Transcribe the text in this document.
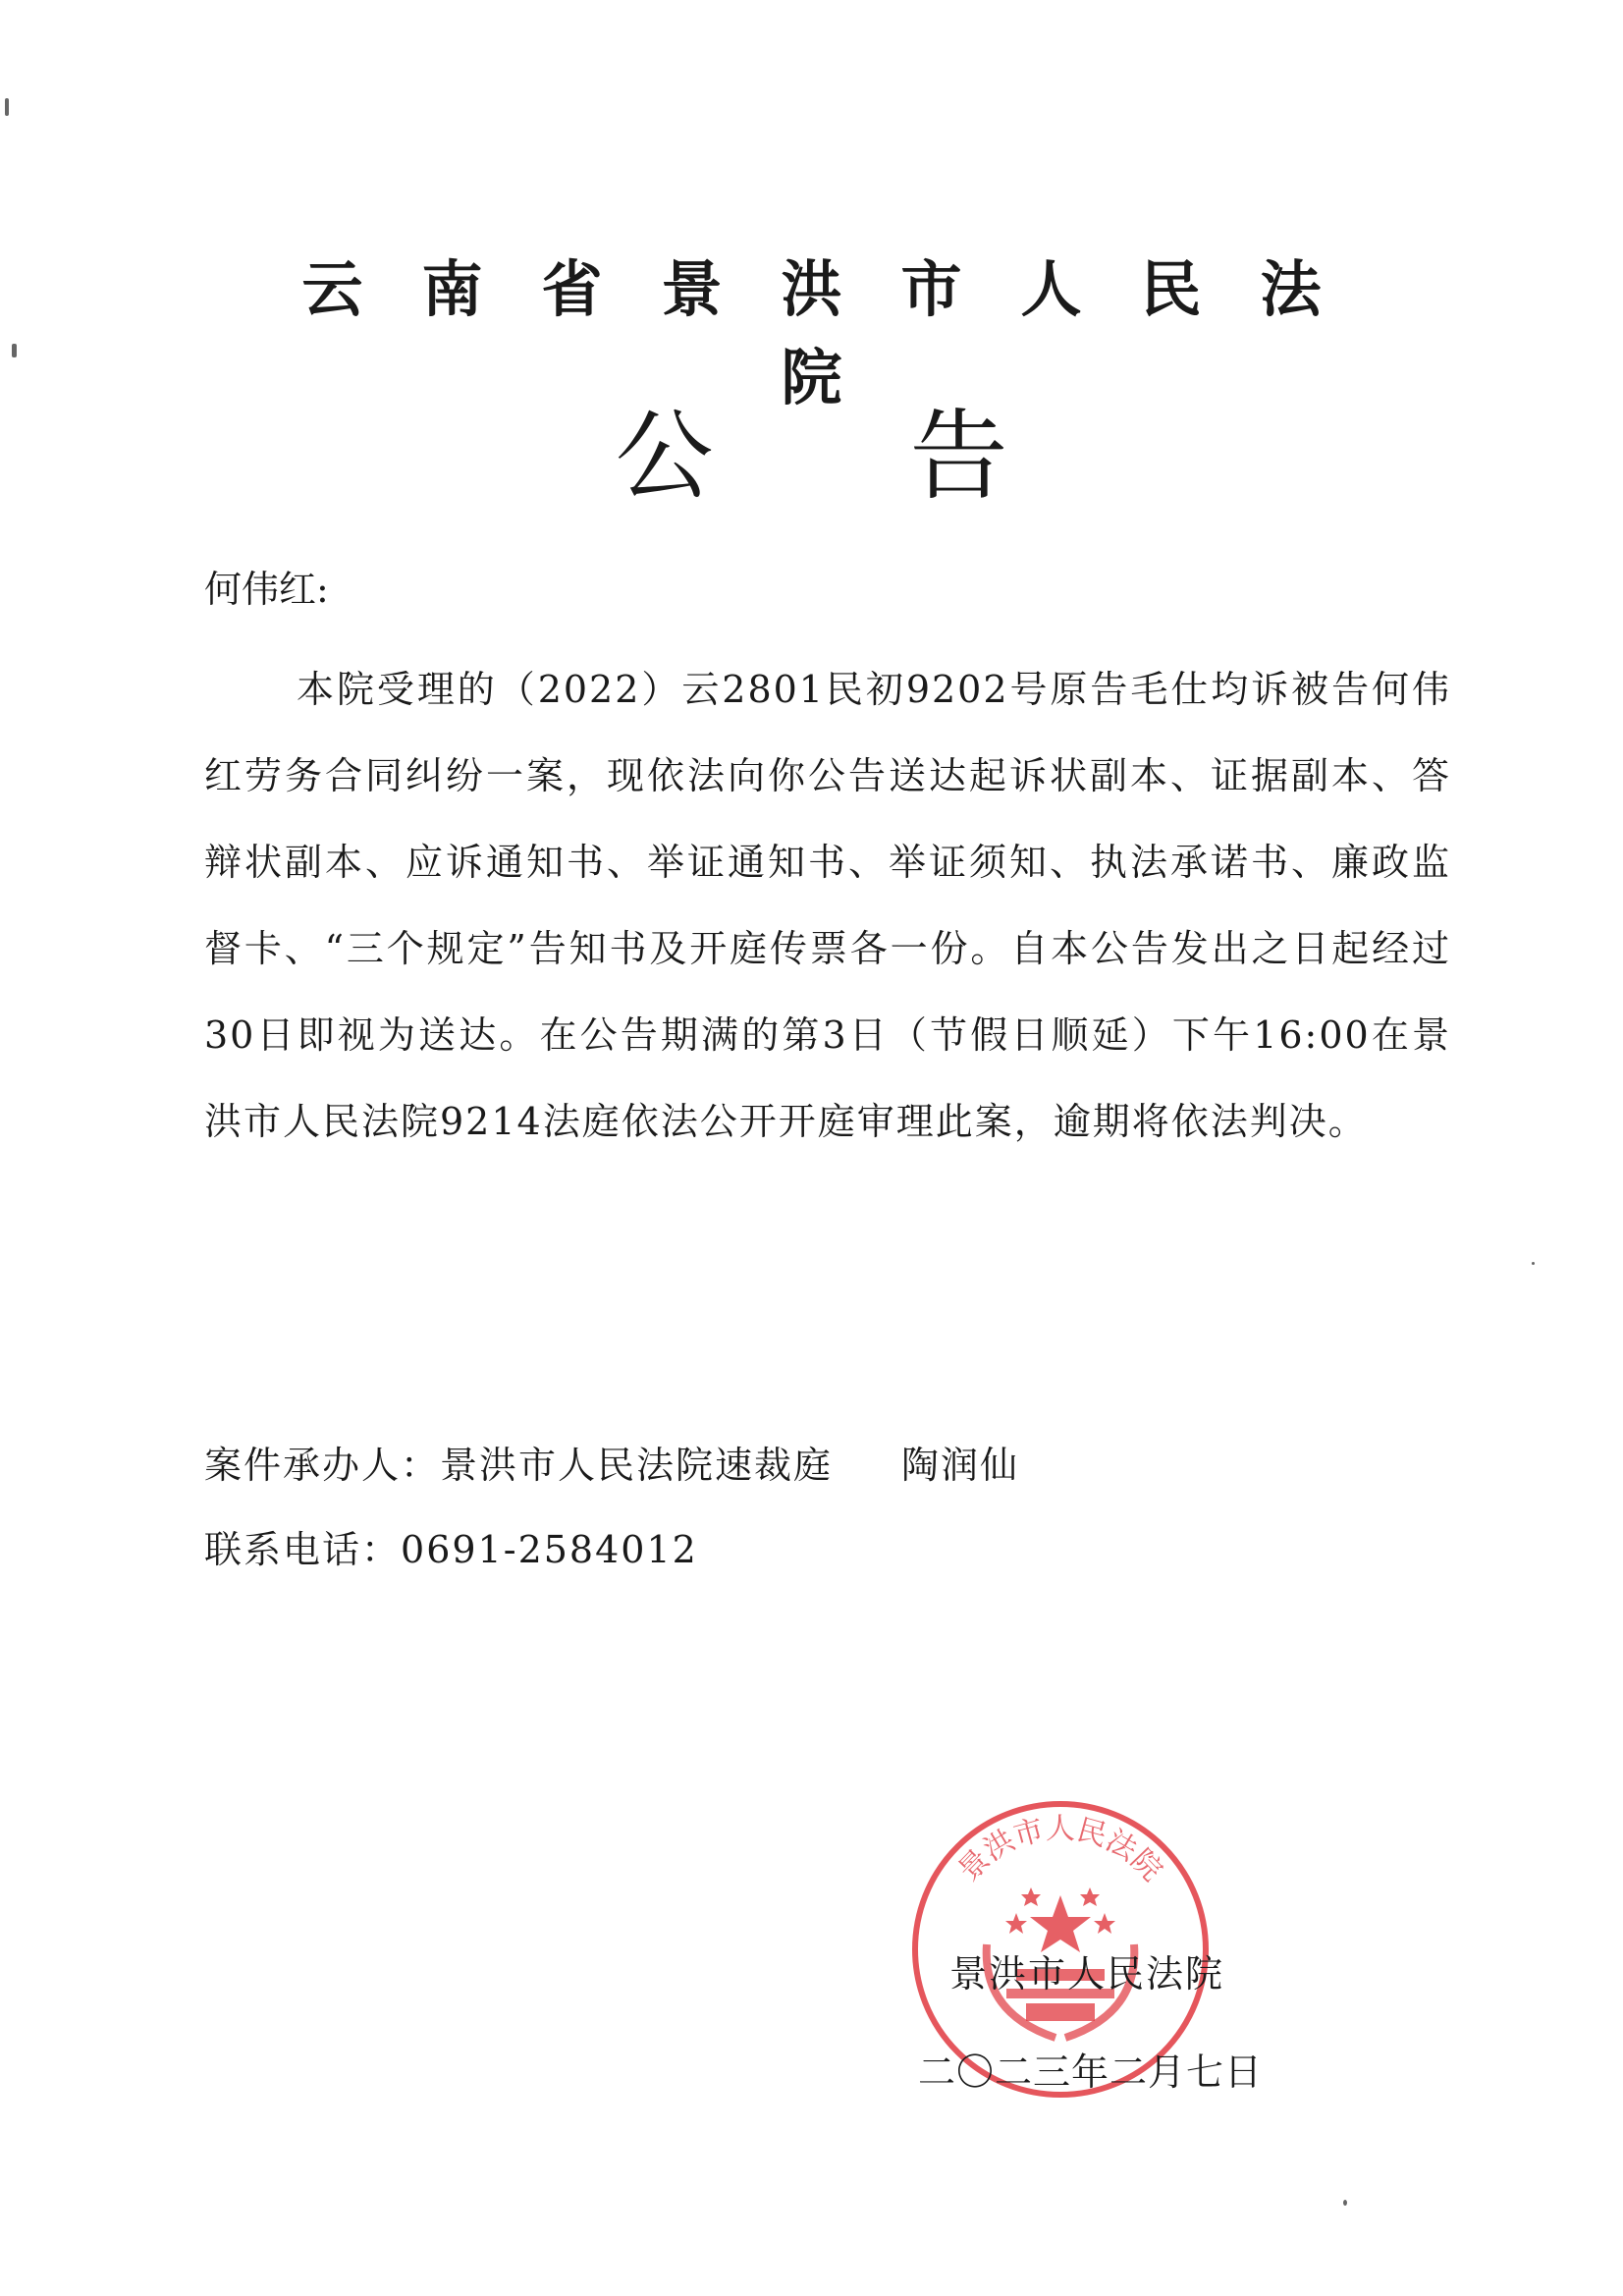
云南省景洪市人民法院
公告
何伟红:
本院受理的（2022）云2801民初9202号原告毛仕均诉被告何伟红劳务合同纠纷一案，现依法向你公告送达起诉状副本、证据副本、答辩状副本、应诉通知书、举证通知书、举证须知、执法承诺书、廉政监督卡、“三个规定”告知书及开庭传票各一份。自本公告发出之日起经过30日即视为送达。在公告期满的第3日（节假日顺延）下午16:00在景洪市人民法院9214法庭依法公开开庭审理此案，逾期将依法判决。
案件承办人：景洪市人民法院速裁庭 陶润仙
联系电话：0691-2584012
景洪市人民法院
景洪市人民法院
二〇二三年二月七日
